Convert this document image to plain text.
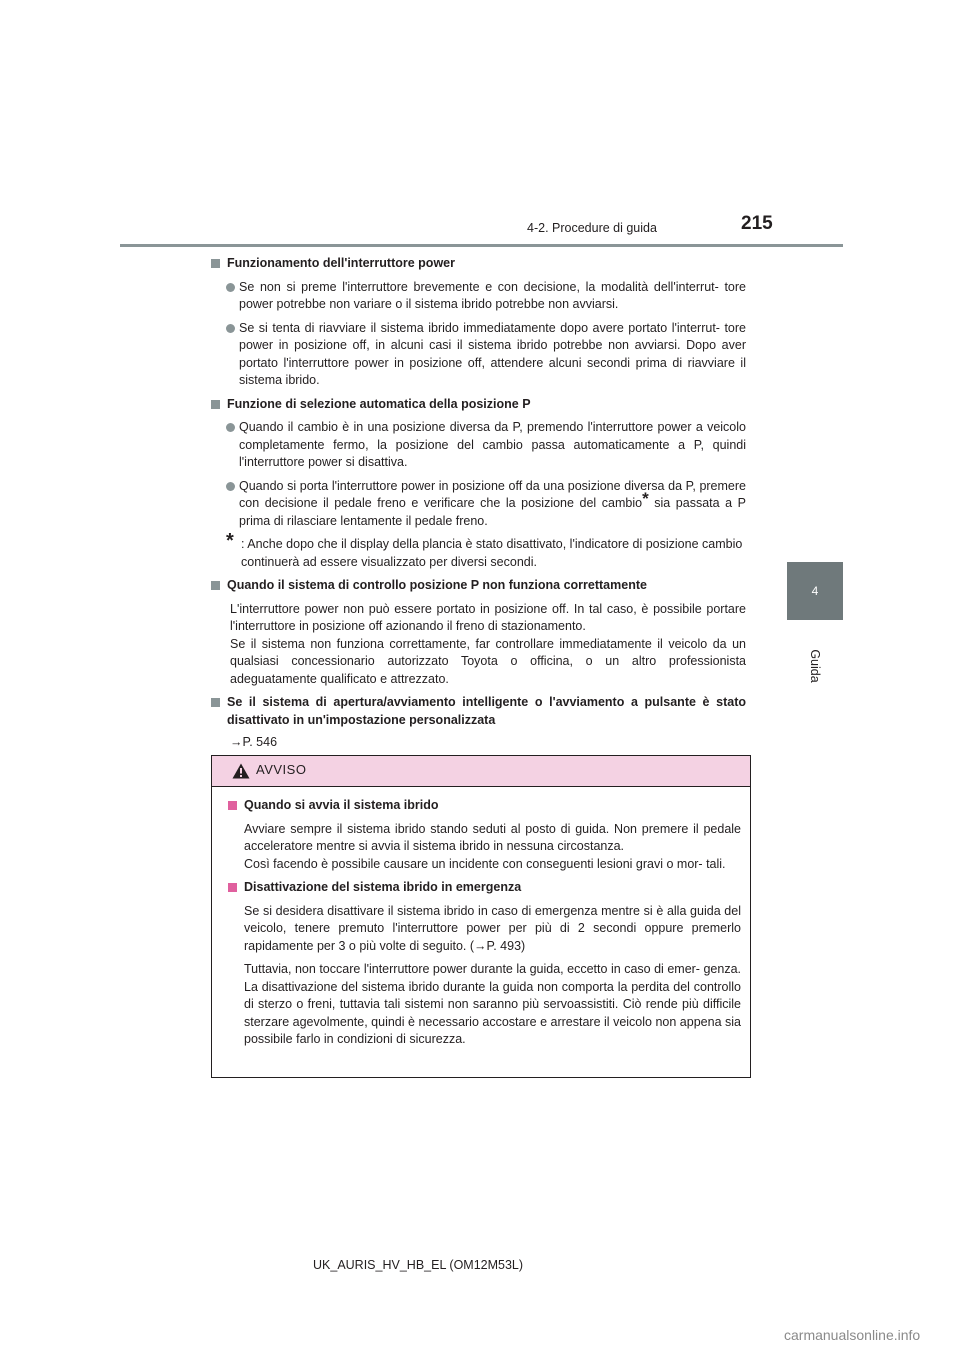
4-2. Procedure di guida	215
4
Guida
Funzionamento dell'interruttore power
Se non si preme l'interruttore brevemente e con decisione, la modalità dell'interrut- tore power potrebbe non variare o il sistema ibrido potrebbe non avviarsi.
Se si tenta di riavviare il sistema ibrido immediatamente dopo avere portato l'interrut- tore power in posizione off, in alcuni casi il sistema ibrido potrebbe non avviarsi. Dopo aver portato l'interruttore power in posizione off, attendere alcuni secondi prima di riavviare il sistema ibrido.
Funzione di selezione automatica della posizione P
Quando il cambio è in una posizione diversa da P, premendo l'interruttore power a veicolo completamente fermo, la posizione del cambio passa automaticamente a P, quindi l'interruttore power si disattiva.
Quando si porta l'interruttore power in posizione off da una posizione diversa da P, premere con decisione il pedale freno e verificare che la posizione del cambio* sia passata a P prima di rilasciare lentamente il pedale freno.
* : Anche dopo che il display della plancia è stato disattivato, l'indicatore di posizione cambio continuerà ad essere visualizzato per diversi secondi.
Quando il sistema di controllo posizione P non funziona correttamente
L'interruttore power non può essere portato in posizione off. In tal caso, è possibile portare l'interruttore in posizione off azionando il freno di stazionamento.
Se il sistema non funziona correttamente, far controllare immediatamente il veicolo da un qualsiasi concessionario autorizzato Toyota o officina, o un altro professionista adeguatamente qualificato e attrezzato.
Se il sistema di apertura/avviamento intelligente o l'avviamento a pulsante è stato disattivato in un'impostazione personalizzata
→P. 546
AVVISO
Quando si avvia il sistema ibrido
Avviare sempre il sistema ibrido stando seduti al posto di guida. Non premere il pedale acceleratore mentre si avvia il sistema ibrido in nessuna circostanza.
Così facendo è possibile causare un incidente con conseguenti lesioni gravi o mor- tali.
Disattivazione del sistema ibrido in emergenza
Se si desidera disattivare il sistema ibrido in caso di emergenza mentre si è alla guida del veicolo, tenere premuto l'interruttore power per più di 2 secondi oppure premerlo rapidamente per 3 o più volte di seguito. (→P. 493)
Tuttavia, non toccare l'interruttore power durante la guida, eccetto in caso di emer- genza. La disattivazione del sistema ibrido durante la guida non comporta la perdita del controllo di sterzo o freni, tuttavia tali sistemi non saranno più servoassistiti. Ciò rende più difficile sterzare agevolmente, quindi è necessario accostare e arrestare il veicolo non appena sia possibile farlo in condizioni di sicurezza.
UK_AURIS_HV_HB_EL (OM12M53L)
carmanualsonline.info
